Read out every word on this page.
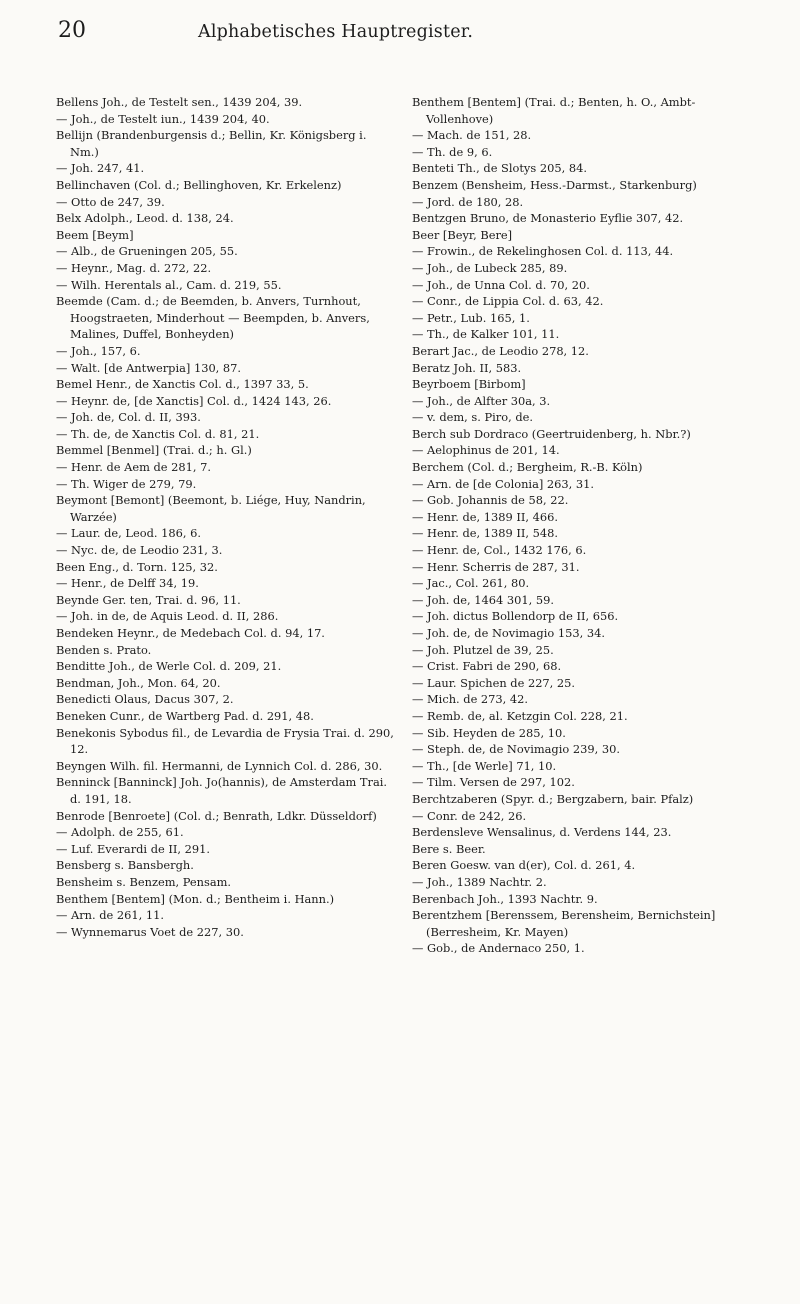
20	Alphabetisches Hauptregister.

Bellens Joh., de Testelt sen., 1439 204, 39.

— Joh., de Testelt iun., 1439 204, 40.

Bellijn (Brandenburgensis d.; Bellin, Kr. Königsberg i. Nm.)

— Joh. 247, 41.

Bellinchaven (Col. d.; Bellinghoven, Kr. Erkelenz)

— Otto de 247, 39.

Belx Adolph., Leod. d. 138, 24.

Beem [Beym]

— Alb., de Grueningen 205, 55.

— Heynr., Mag. d. 272, 22.

— Wilh. Herentals al., Cam. d. 219, 55.

Beemde (Cam. d.; de Beemden, b. Anvers, Turnhout, Hoogstraeten, Minderhout — Beempden, b. Anvers, Malines, Duffel, Bonheyden)

— Joh., 157, 6.

— Walt. [de Antwerpia] 130, 87.

Bemel Henr., de Xanctis Col. d., 1397 33, 5.

— Heynr. de, [de Xanctis] Col. d., 1424 143, 26.

— Joh. de, Col. d. II, 393.

— Th. de, de Xanctis Col. d. 81, 21.

Bemmel [Benmel] (Trai. d.; h. Gl.)

— Henr. de Aem de 281, 7.

— Th. Wiger de 279, 79.

Beymont [Bemont] (Beemont, b. Liége, Huy, Nandrin, Warzée)

— Laur. de, Leod. 186, 6.

— Nyc. de, de Leodio 231, 3.

Been Eng., d. Torn. 125, 32.

— Henr., de Delff 34, 19.

Beynde Ger. ten, Trai. d. 96, 11.

— Joh. in de, de Aquis Leod. d. II, 286.

Bendeken Heynr., de Medebach Col. d. 94, 17.

Benden s. Prato.

Benditte Joh., de Werle Col. d. 209, 21.

Bendman, Joh., Mon. 64, 20.

Benedicti Olaus, Dacus 307, 2.

Beneken Cunr., de Wartberg Pad. d. 291, 48.

Benekonis Sybodus fil., de Levardia de Frysia Trai. d. 290, 12.

Beyngen Wilh. fil. Hermanni, de Lynnich Col. d. 286, 30.

Benninck [Banninck] Joh. Jo(hannis), de Amsterdam Trai. d. 191, 18.

Benrode [Benroete] (Col. d.; Benrath, Ldkr. Düsseldorf)

— Adolph. de 255, 61.

— Luf. Everardi de II, 291.

Bensberg s. Bansbergh.

Bensheim s. Benzem, Pensam.

Benthem [Bentem] (Mon. d.; Bentheim i. Hann.)

— Arn. de 261, 11.

— Wynnemarus Voet de 227, 30.

Benthem [Bentem] (Trai. d.; Benten, h. O., Ambt-Vollenhove)

— Mach. de 151, 28.

— Th. de 9, 6.

Benteti Th., de Slotys 205, 84.

Benzem (Bensheim, Hess.-Darmst., Starkenburg)

— Jord. de 180, 28.

Bentzgen Bruno, de Monasterio Eyflie 307, 42.

Beer [Beyr, Bere]

— Frowin., de Rekelinghosen Col. d. 113, 44.

— Joh., de Lubeck 285, 89.

— Joh., de Unna Col. d. 70, 20.

— Conr., de Lippia Col. d. 63, 42.

— Petr., Lub. 165, 1.

— Th., de Kalker 101, 11.

Berart Jac., de Leodio 278, 12.

Beratz Joh. II, 583.

Beyrboem [Birbom]

— Joh., de Alfter 30a, 3.

— v. dem, s. Piro, de.

Berch sub Dordraco (Geertruidenberg, h. Nbr.?)

— Aelophinus de 201, 14.

Berchem (Col. d.; Bergheim, R.-B. Köln)

— Arn. de [de Colonia] 263, 31.

— Gob. Johannis de 58, 22.

— Henr. de, 1389 II, 466.

— Henr. de, 1389 II, 548.

— Henr. de, Col., 1432 176, 6.

— Henr. Scherris de 287, 31.

— Jac., Col. 261, 80.

— Joh. de, 1464 301, 59.

— Joh. dictus Bollendorp de II, 656.

— Joh. de, de Novimagio 153, 34.

— Joh. Plutzel de 39, 25.

— Crist. Fabri de 290, 68.

— Laur. Spichen de 227, 25.

— Mich. de 273, 42.

— Remb. de, al. Ketzgin Col. 228, 21.

— Sib. Heyden de 285, 10.

— Steph. de, de Novimagio 239, 30.

— Th., [de Werle] 71, 10.

— Tilm. Versen de 297, 102.

Berchtzaberen (Spyr. d.; Bergzabern, bair. Pfalz)

— Conr. de 242, 26.

Berdensleve Wensalinus, d. Verdens 144, 23.

Bere s. Beer.

Beren Goesw. van d(er), Col. d. 261, 4.

— Joh., 1389 Nachtr. 2.

Berenbach Joh., 1393 Nachtr. 9.

Berentzhem [Berenssem, Berensheim, Bernichstein] (Berresheim, Kr. Mayen)

— Gob., de Andernaco 250, 1.
